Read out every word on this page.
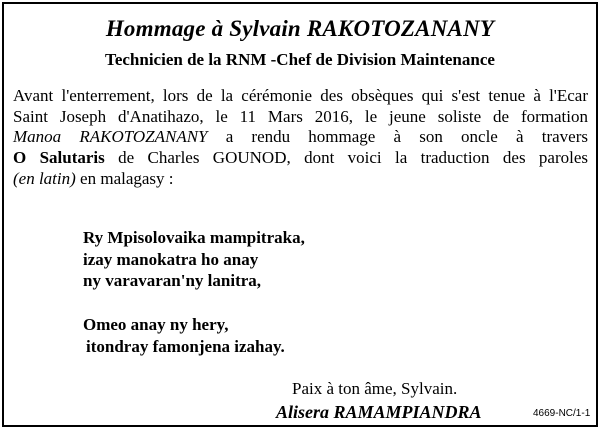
Hommage à Sylvain RAKOTOZANANY
Technicien de la RNM -Chef de Division Maintenance
Avant l'enterrement, lors de la cérémonie des obsèques qui s'est tenue à l'Ecar
Saint Joseph d'Anatihazo, le 11 Mars 2016, le jeune soliste de formation
Manoa RAKOTOZANANY a rendu hommage à son oncle à travers
O Salutaris de Charles GOUNOD, dont voici la traduction des paroles
(en latin) en malagasy :
Ry Mpisolovaika mampitraka,
izay manokatra ho anay
ny varavaran'ny lanitra,
Omeo anay ny hery,
itondray famonjena izahay.
Paix à ton âme, Sylvain.
Alisera RAMAMPIANDRA	4669-NC/1-1
